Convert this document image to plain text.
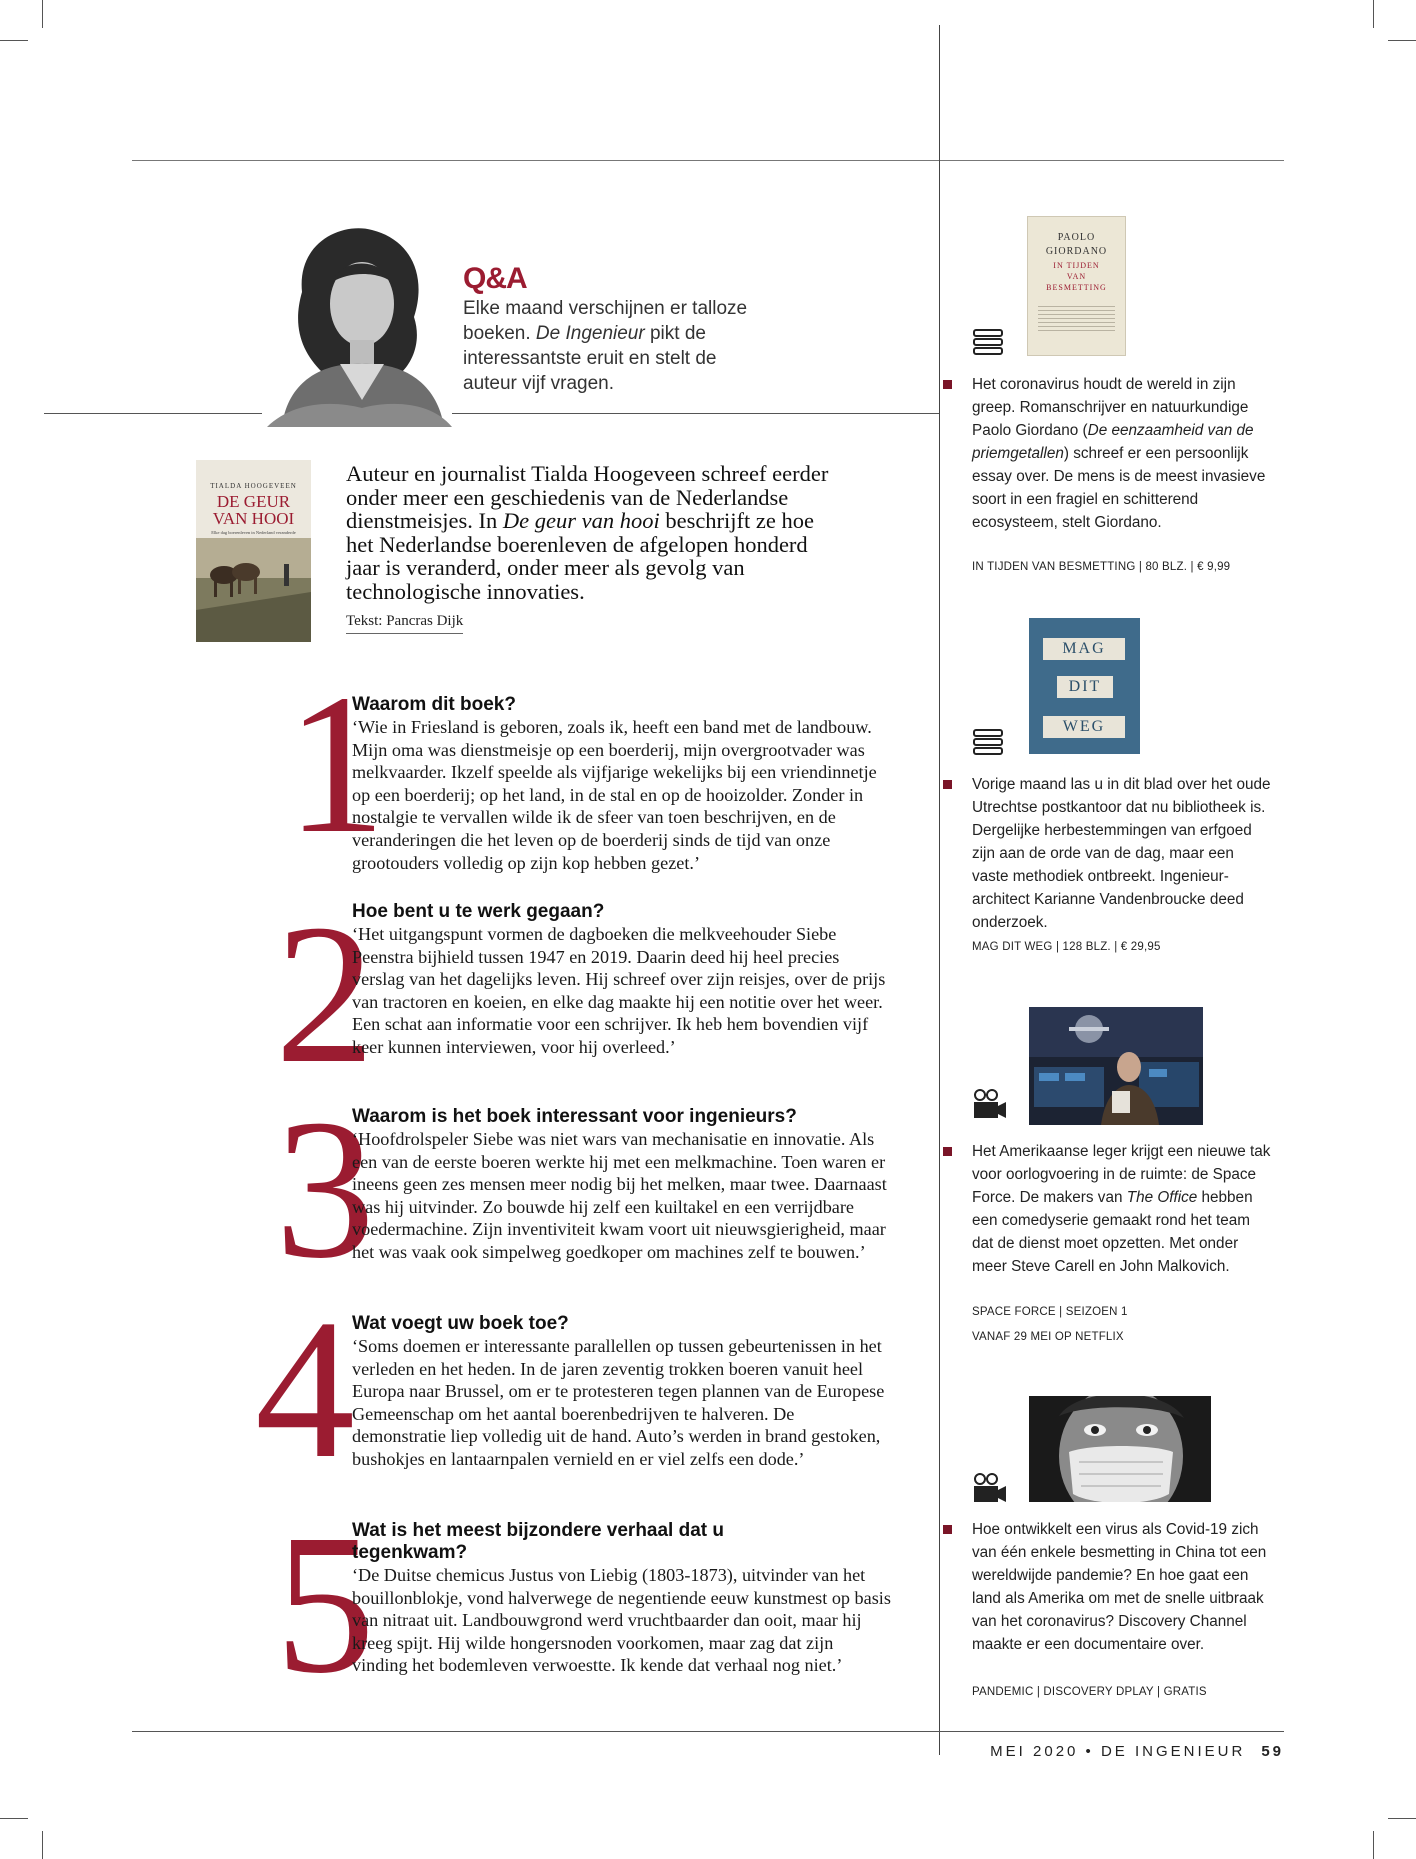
Q&A
Elke maand verschijnen er talloze boeken. De Ingenieur pikt de interessantste eruit en stelt de auteur vijf vragen.
TIALDA HOOGEVEEN
DE GEUR
VAN HOOI
Elke dag boerenleven in Nederland veranderde
Auteur en journalist Tialda Hoogeveen schreef eerder onder meer een geschiedenis van de Nederlandse dienstmeisjes. In De geur van hooi beschrijft ze hoe het Nederlandse boerenleven de afgelopen honderd jaar is veranderd, onder meer als gevolg van technologische innovaties.
Tekst: Pancras Dijk
1
2
3
4
5
Waarom dit boek?

‘Wie in Friesland is geboren, zoals ik, heeft een band met de landbouw. Mijn oma was dienstmeisje op een boerderij, mijn overgrootvader was melkvaarder. Ikzelf speelde als vijfjarige wekelijks bij een vriendinnetje op een boerderij; op het land, in de stal en op de hooizolder. Zonder in nostalgie te vervallen wilde ik de sfeer van toen beschrijven, en de veranderingen die het leven op de boerderij sinds de tijd van onze grootouders volledig op zijn kop hebben gezet.’

Hoe bent u te werk gegaan?

‘Het uitgangspunt vormen de dagboeken die melkveehouder Siebe Peenstra bijhield tussen 1947 en 2019. Daarin deed hij heel precies verslag van het dagelijks leven. Hij schreef over zijn reisjes, over de prijs van tractoren en koeien, en elke dag maakte hij een notitie over het weer. Een schat aan informatie voor een schrijver. Ik heb hem bovendien vijf keer kunnen interviewen, voor hij overleed.’

Waarom is het boek interessant voor ingenieurs?

‘Hoofdrolspeler Siebe was niet wars van mechanisatie en innovatie. Als een van de eerste boeren werkte hij met een melkmachine. Toen waren er ineens geen zes mensen meer nodig bij het melken, maar twee. Daarnaast was hij uitvinder. Zo bouwde hij zelf een kuiltakel en een verrijdbare voedermachine. Zijn inventiviteit kwam voort uit nieuwsgierigheid, maar het was vaak ook simpelweg goedkoper om machines zelf te bouwen.’

Wat voegt uw boek toe?

‘Soms doemen er interessante parallellen op tussen gebeurtenissen in het verleden en het heden. In de jaren zeventig trokken boeren vanuit heel Europa naar Brussel, om er te protesteren tegen plannen van de Europese Gemeenschap om het aantal boerenbedrijven te halveren. De demonstratie liep volledig uit de hand. Auto’s werden in brand gestoken, bushokjes en lantaarnpalen vernield en er viel zelfs een dode.’

Wat is het meest bijzondere verhaal dat u tegenkwam?

‘De Duitse chemicus Justus von Liebig (1803-1873), uitvinder van het bouillonblokje, vond halverwege de negentiende eeuw kunstmest op basis van nitraat uit. Landbouwgrond werd vruchtbaarder dan ooit, maar hij kreeg spijt. Hij wilde hongersnoden voorkomen, maar zag dat zijn vinding het bodemleven verwoestte. Ik kende dat verhaal nog niet.’

PAOLO GIORDANO
IN TIJDEN
VAN
BESMETTING
Het coronavirus houdt de wereld in zijn greep. Romanschrijver en natuurkundige Paolo Giordano (De eenzaamheid van de priemgetallen) schreef er een persoonlijk essay over. De mens is de meest invasieve soort in een fragiel en schitterend ecosysteem, stelt Giordano.
IN TIJDEN VAN BESMETTING | 80 BLZ. | € 9,99
MAG
DIT
WEG
Vorige maand las u in dit blad over het oude Utrechtse postkantoor dat nu bibliotheek is. Dergelijke herbestemmingen van erfgoed zijn aan de orde van de dag, maar een vaste methodiek ontbreekt. Ingenieur-architect Karianne Vandenbroucke deed onderzoek.
MAG DIT WEG | 128 BLZ. | € 29,95
Het Amerikaanse leger krijgt een nieuwe tak voor oorlogvoering in de ruimte: de Space Force. De makers van The Office hebben een comedyserie gemaakt rond het team dat de dienst moet opzetten. Met onder meer Steve Carell en John Malkovich.
SPACE FORCE | SEIZOEN 1
VANAF 29 MEI OP NETFLIX
Hoe ontwikkelt een virus als Covid-19 zich van één enkele besmetting in China tot een wereldwijde pandemie? En hoe gaat een land als Amerika om met de snelle uitbraak van het coronavirus? Discovery Channel maakte er een documentaire over.
PANDEMIC | DISCOVERY DPLAY | GRATIS
MEI 2020 • DE INGENIEUR 59
